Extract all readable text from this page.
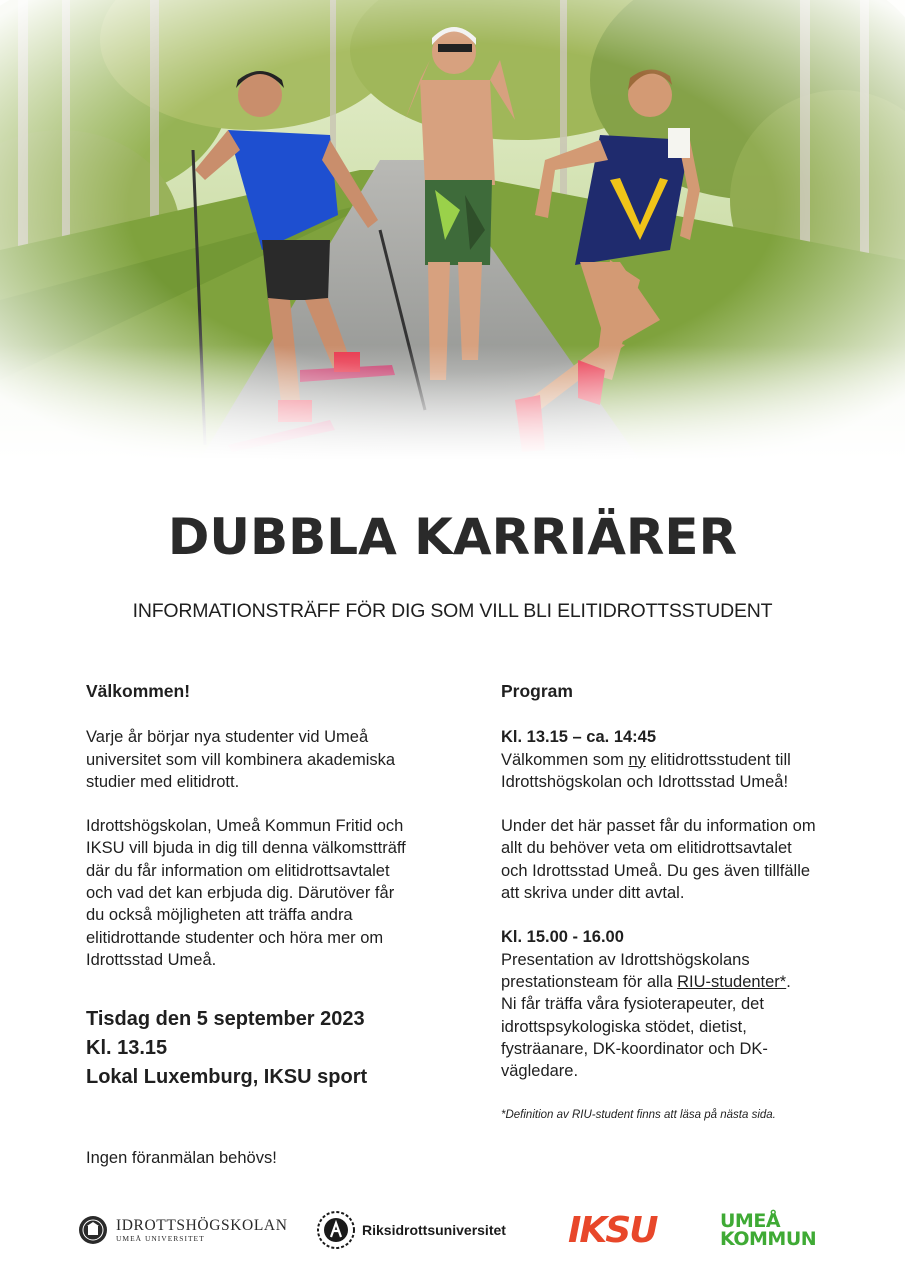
DUBBLA KARRIÄRER
INFORMATIONSTRÄFF FÖR DIG SOM VILL BLI ELITIDROTTSSTUDENT
Välkommen!
Varje år börjar nya studenter vid Umeå
universitet som vill kombinera akademiska
studier med elitidrott.
Idrottshögskolan, Umeå Kommun Fritid och
IKSU vill bjuda in dig till denna välkomstträff
där du får information om elitidrottsavtalet
och vad det kan erbjuda dig. Därutöver får
du också möjligheten att träffa andra
elitidrottande studenter och höra mer om
Idrottsstad Umeå.
Tisdag den 5 september 2023
Kl. 13.15
Lokal Luxemburg, IKSU sport
Ingen föranmälan behövs!
Program
Kl. 13.15 – ca. 14:45
Välkommen som ny elitidrottsstudent till
Idrottshögskolan och Idrottsstad Umeå!
Under det här passet får du information om
allt du behöver veta om elitidrottsavtalet
och Idrottsstad Umeå. Du ges även tillfälle
att skriva under ditt avtal.
Kl. 15.00 - 16.00
Presentation av Idrottshögskolans
prestationsteam för alla RIU-studenter*.
Ni får träffa våra fysioterapeuter, det
idrottspsykologiska stödet, dietist,
fysträanare, DK-koordinator och DK-
vägledare.
*Definition av RIU-student finns att läsa på nästa sida.
IDROTTSHÖGSKOLAN
UMEÅ UNIVERSITET
Riksidrottsuniversitet IKSU	UMEÅ
KOMMUN
